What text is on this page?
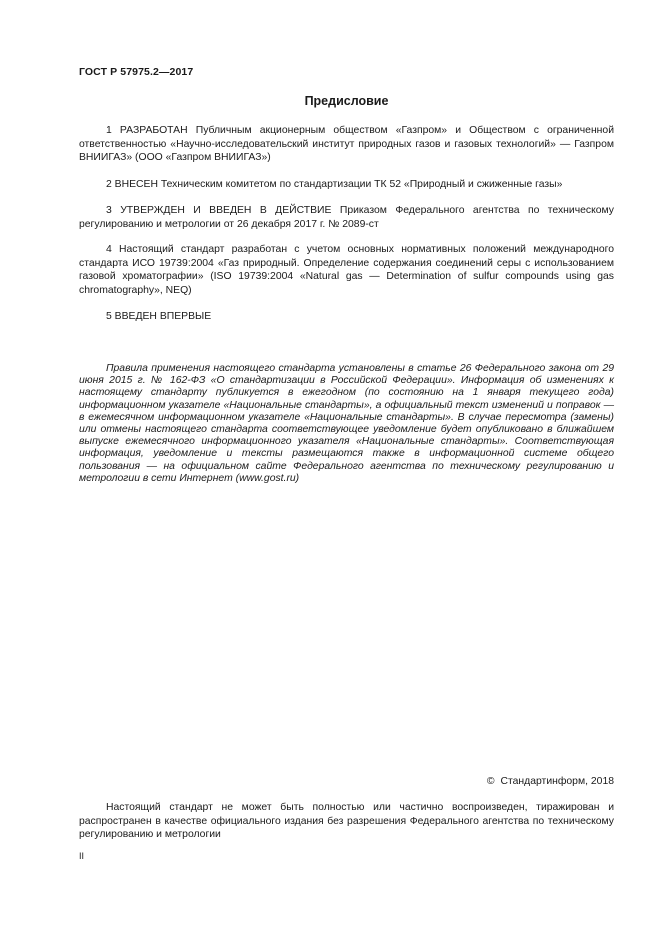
ГОСТ Р 57975.2—2017
Предисловие

1 РАЗРАБОТАН Публичным акционерным обществом «Газпром» и Обществом с ограниченной ответственностью «Научно-исследовательский институт природных газов и газовых технологий» — Газпром ВНИИГАЗ» (ООО «Газпром ВНИИГАЗ»)

2 ВНЕСЕН Техническим комитетом по стандартизации ТК 52 «Природный и сжиженные газы»

3 УТВЕРЖДЕН И ВВЕДЕН В ДЕЙСТВИЕ Приказом Федерального агентства по техническому регулированию и метрологии от 26 декабря 2017 г. № 2089-ст

4 Настоящий стандарт разработан с учетом основных нормативных положений международного стандарта ИСО 19739:2004 «Газ природный. Определение содержания соединений серы с использованием газовой хроматографии» (ISO 19739:2004 «Natural gas — Determination of sulfur compounds using gas chromatography», NEQ)

5 ВВЕДЕН ВПЕРВЫЕ

Правила применения настоящего стандарта установлены в статье 26 Федерального закона от 29 июня 2015 г. № 162-ФЗ «О стандартизации в Российской Федерации». Информация об изменениях к настоящему стандарту публикуется в ежегодном (по состоянию на 1 января текущего года) информационном указателе «Национальные стандарты», а официальный текст изменений и поправок — в ежемесячном информационном указателе «Национальные стандарты». В случае пересмотра (замены) или отмены настоящего стандарта соответствующее уведомление будет опубликовано в ближайшем выпуске ежемесячного информационного указателя «Национальные стандарты». Соответствующая информация, уведомление и тексты размещаются также в информационной системе общего пользования — на официальном сайте Федерального агентства по техническому регулированию и метрологии в сети Интернет (www.gost.ru)

© Стандартинформ, 2018

Настоящий стандарт не может быть полностью или частично воспроизведен, тиражирован и распространен в качестве официального издания без разрешения Федерального агентства по техническому регулированию и метрологии

II
